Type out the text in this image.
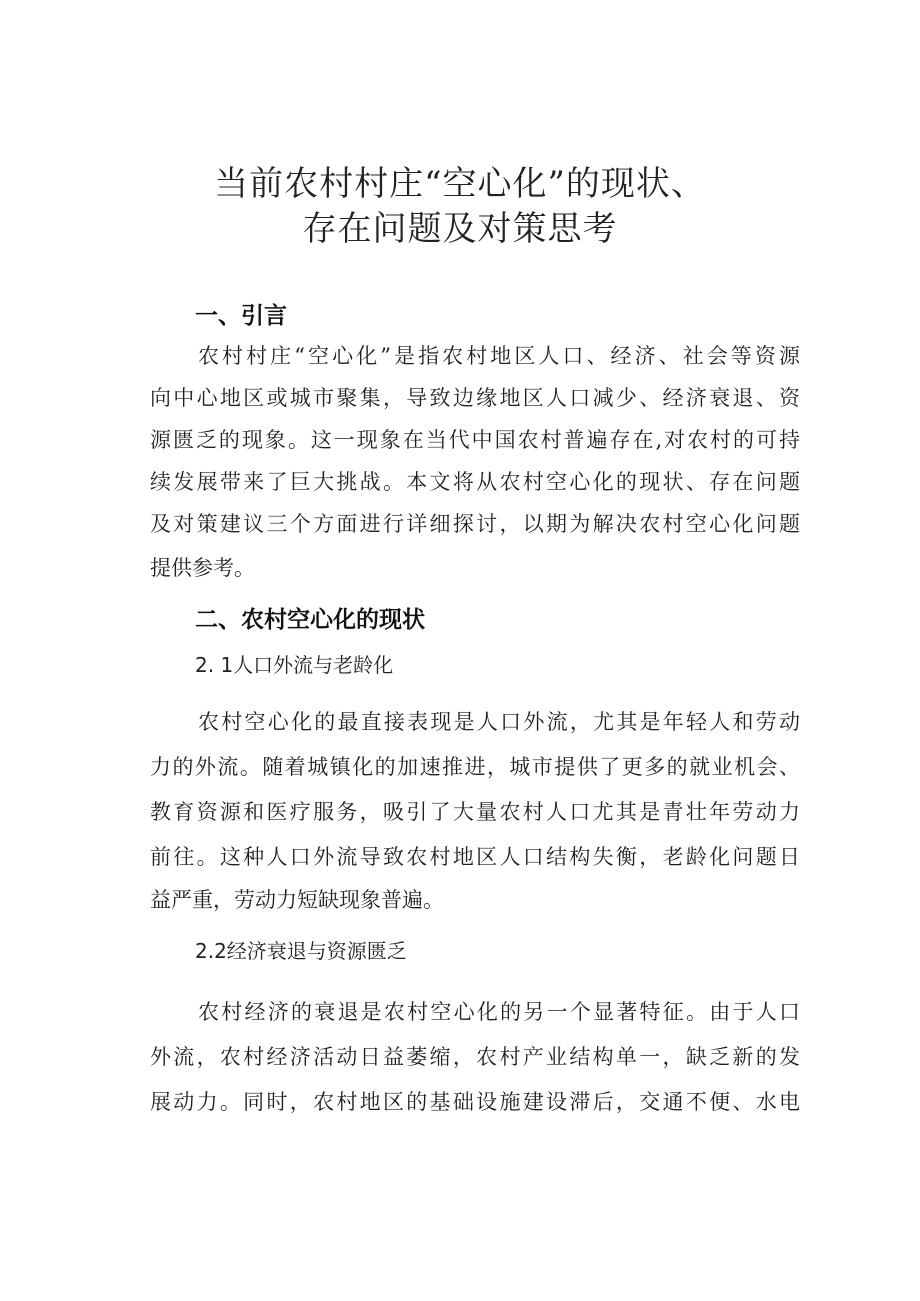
当前农村村庄“空心化”的现状、
存在问题及对策思考
一、引言
农村村庄“空心化”是指农村地区人口、经济、社会等资源
向中心地区或城市聚集，导致边缘地区人口减少、经济衰退、资
源匮乏的现象。这一现象在当代中国农村普遍存在,对农村的可持
续发展带来了巨大挑战。本文将从农村空心化的现状、存在问题
及对策建议三个方面进行详细探讨，以期为解决农村空心化问题
提供参考。
二、农村空心化的现状
2. 1人口外流与老龄化
农村空心化的最直接表现是人口外流，尤其是年轻人和劳动
力的外流。随着城镇化的加速推进，城市提供了更多的就业机会、
教育资源和医疗服务，吸引了大量农村人口尤其是青壮年劳动力
前往。这种人口外流导致农村地区人口结构失衡，老龄化问题日
益严重，劳动力短缺现象普遍。
2.2经济衰退与资源匮乏
农村经济的衰退是农村空心化的另一个显著特征。由于人口
外流，农村经济活动日益萎缩，农村产业结构单一，缺乏新的发
展动力。同时，农村地区的基础设施建设滞后，交通不便、水电
